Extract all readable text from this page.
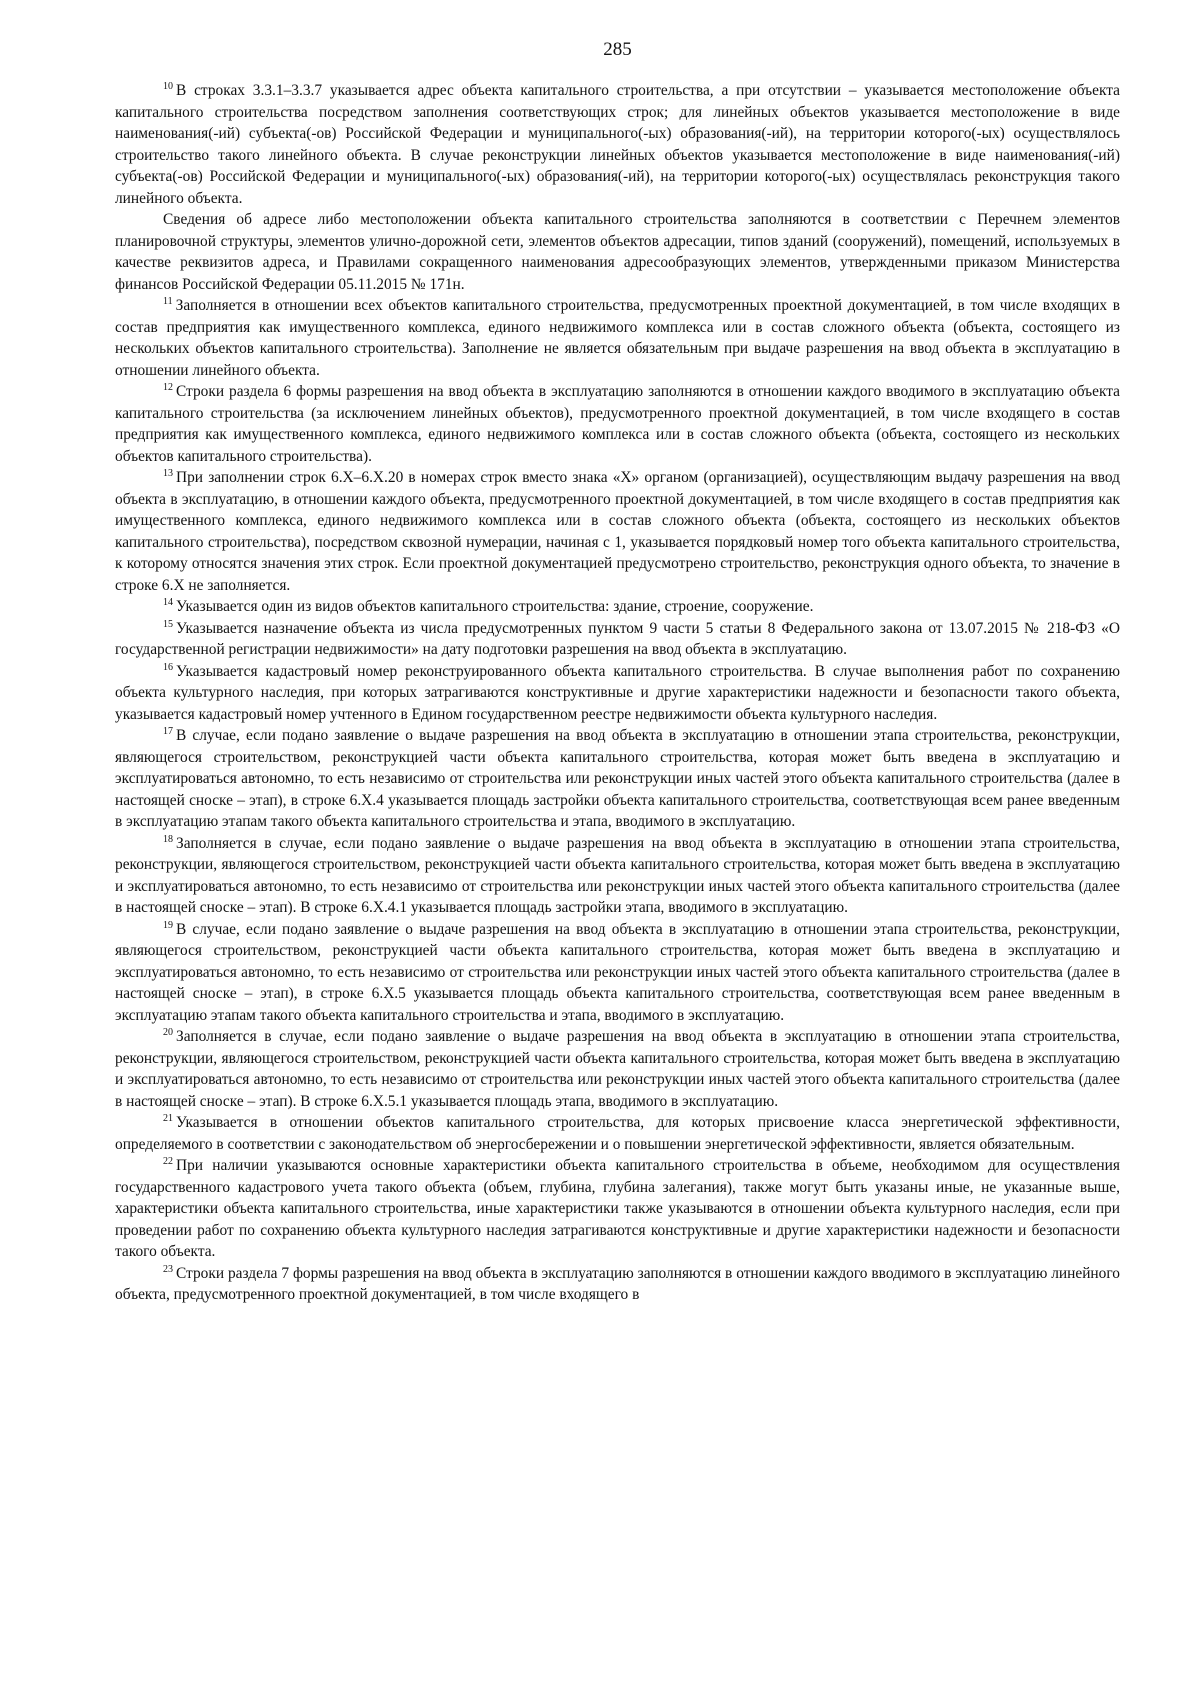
285

$^{10}$ В строках 3.3.1–3.3.7 указывается адрес объекта капитального строительства, а при отсутствии – указывается местоположение объекта капитального строительства посредством заполнения соответствующих строк; для линейных объектов указывается местоположение в виде наименования(-ий) субъекта(-ов) Российской Федерации и муниципального(-ых) образования(-ий), на территории которого(-ых) осуществлялось строительство такого линейного объекта. В случае реконструкции линейных объектов указывается местоположение в виде наименования(-ий) субъекта(-ов) Российской Федерации и муниципального(-ых) образования(-ий), на территории которого(-ых) осуществлялась реконструкция такого линейного объекта.

Сведения об адресе либо местоположении объекта капитального строительства заполняются в соответствии с Перечнем элементов планировочной структуры, элементов улично-дорожной сети, элементов объектов адресации, типов зданий (сооружений), помещений, используемых в качестве реквизитов адреса, и Правилами сокращенного наименования адресообразующих элементов, утвержденными приказом Министерства финансов Российской Федерации 05.11.2015 № 171н.

$^{11}$ Заполняется в отношении всех объектов капитального строительства, предусмотренных проектной документацией, в том числе входящих в состав предприятия как имущественного комплекса, единого недвижимого комплекса или в состав сложного объекта (объекта, состоящего из нескольких объектов капитального строительства). Заполнение не является обязательным при выдаче разрешения на ввод объекта в эксплуатацию в отношении линейного объекта.

$^{12}$ Строки раздела 6 формы разрешения на ввод объекта в эксплуатацию заполняются в отношении каждого вводимого в эксплуатацию объекта капитального строительства (за исключением линейных объектов), предусмотренного проектной документацией, в том числе входящего в состав предприятия как имущественного комплекса, единого недвижимого комплекса или в состав сложного объекта (объекта, состоящего из нескольких объектов капитального строительства).

$^{13}$ При заполнении строк 6.Х–6.Х.20 в номерах строк вместо знака «Х» органом (организацией), осуществляющим выдачу разрешения на ввод объекта в эксплуатацию, в отношении каждого объекта, предусмотренного проектной документацией, в том числе входящего в состав предприятия как имущественного комплекса, единого недвижимого комплекса или в состав сложного объекта (объекта, состоящего из нескольких объектов капитального строительства), посредством сквозной нумерации, начиная с 1, указывается порядковый номер того объекта капитального строительства, к которому относятся значения этих строк. Если проектной документацией предусмотрено строительство, реконструкция одного объекта, то значение в строке 6.Х не заполняется.

$^{14}$ Указывается один из видов объектов капитального строительства: здание, строение, сооружение.

$^{15}$ Указывается назначение объекта из числа предусмотренных пунктом 9 части 5 статьи 8 Федерального закона от 13.07.2015 № 218-ФЗ «О государственной регистрации недвижимости» на дату подготовки разрешения на ввод объекта в эксплуатацию.

$^{16}$ Указывается кадастровый номер реконструированного объекта капитального строительства. В случае выполнения работ по сохранению объекта культурного наследия, при которых затрагиваются конструктивные и другие характеристики надежности и безопасности такого объекта, указывается кадастровый номер учтенного в Едином государственном реестре недвижимости объекта культурного наследия.

$^{17}$ В случае, если подано заявление о выдаче разрешения на ввод объекта в эксплуатацию в отношении этапа строительства, реконструкции, являющегося строительством, реконструкцией части объекта капитального строительства, которая может быть введена в эксплуатацию и эксплуатироваться автономно, то есть независимо от строительства или реконструкции иных частей этого объекта капитального строительства (далее в настоящей сноске – этап), в строке 6.Х.4 указывается площадь застройки объекта капитального строительства, соответствующая всем ранее введенным в эксплуатацию этапам такого объекта капитального строительства и этапа, вводимого в эксплуатацию.

$^{18}$ Заполняется в случае, если подано заявление о выдаче разрешения на ввод объекта в эксплуатацию в отношении этапа строительства, реконструкции, являющегося строительством, реконструкцией части объекта капитального строительства, которая может быть введена в эксплуатацию и эксплуатироваться автономно, то есть независимо от строительства или реконструкции иных частей этого объекта капитального строительства (далее в настоящей сноске – этап). В строке 6.Х.4.1 указывается площадь застройки этапа, вводимого в эксплуатацию.

$^{19}$ В случае, если подано заявление о выдаче разрешения на ввод объекта в эксплуатацию в отношении этапа строительства, реконструкции, являющегося строительством, реконструкцией части объекта капитального строительства, которая может быть введена в эксплуатацию и эксплуатироваться автономно, то есть независимо от строительства или реконструкции иных частей этого объекта капитального строительства (далее в настоящей сноске – этап), в строке 6.Х.5 указывается площадь объекта капитального строительства, соответствующая всем ранее введенным в эксплуатацию этапам такого объекта капитального строительства и этапа, вводимого в эксплуатацию.

$^{20}$ Заполняется в случае, если подано заявление о выдаче разрешения на ввод объекта в эксплуатацию в отношении этапа строительства, реконструкции, являющегося строительством, реконструкцией части объекта капитального строительства, которая может быть введена в эксплуатацию и эксплуатироваться автономно, то есть независимо от строительства или реконструкции иных частей этого объекта капитального строительства (далее в настоящей сноске – этап). В строке 6.Х.5.1 указывается площадь этапа, вводимого в эксплуатацию.

$^{21}$ Указывается в отношении объектов капитального строительства, для которых присвоение класса энергетической эффективности, определяемого в соответствии с законодательством об энергосбережении и о повышении энергетической эффективности, является обязательным.

$^{22}$ При наличии указываются основные характеристики объекта капитального строительства в объеме, необходимом для осуществления государственного кадастрового учета такого объекта (объем, глубина, глубина залегания), также могут быть указаны иные, не указанные выше, характеристики объекта капитального строительства, иные характеристики также указываются в отношении объекта культурного наследия, если при проведении работ по сохранению объекта культурного наследия затрагиваются конструктивные и другие характеристики надежности и безопасности такого объекта.

$^{23}$ Строки раздела 7 формы разрешения на ввод объекта в эксплуатацию заполняются в отношении каждого вводимого в эксплуатацию линейного объекта, предусмотренного проектной документацией, в том числе входящего в
